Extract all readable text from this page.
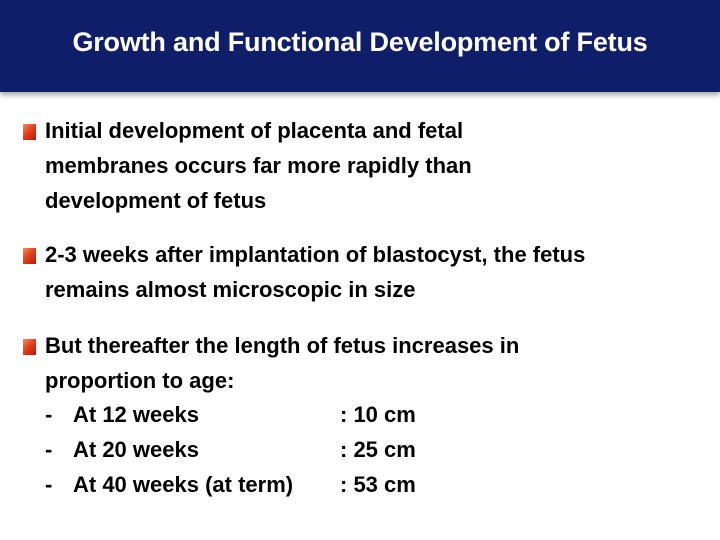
Growth and Functional Development of Fetus
Initial development of placenta and fetal
membranes occurs far more rapidly than
development of fetus
2-3 weeks after implantation of blastocyst, the fetus
remains almost microscopic in size
But thereafter the length of fetus increases in
proportion to age:
- At 12 weeks	: 10 cm
- At 20 weeks	: 25 cm
- At 40 weeks (at term) : 53 cm
